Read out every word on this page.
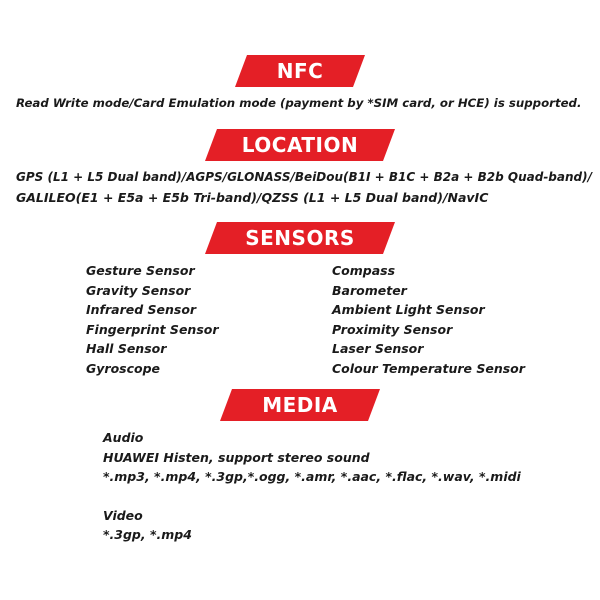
NFC
Read Write mode/Card Emulation mode (payment by *SIM card, or HCE) is supported.
LOCATION
GPS (L1 + L5 Dual band)/AGPS/GLONASS/BeiDou(B1I + B1C + B2a + B2b Quad-band)/
GALILEO(E1 + E5a + E5b Tri-band)/QZSS (L1 + L5 Dual band)/NavIC
SENSORS
Gesture Sensor
Gravity Sensor
Infrared Sensor
Fingerprint Sensor
Hall Sensor
Gyroscope
Compass
Barometer
Ambient Light Sensor
Proximity Sensor
Laser Sensor
Colour Temperature Sensor
MEDIA
Audio
HUAWEI Histen, support stereo sound
*.mp3, *.mp4, *.3gp,*.ogg, *.amr, *.aac, *.flac, *.wav, *.midi
Video
*.3gp, *.mp4
